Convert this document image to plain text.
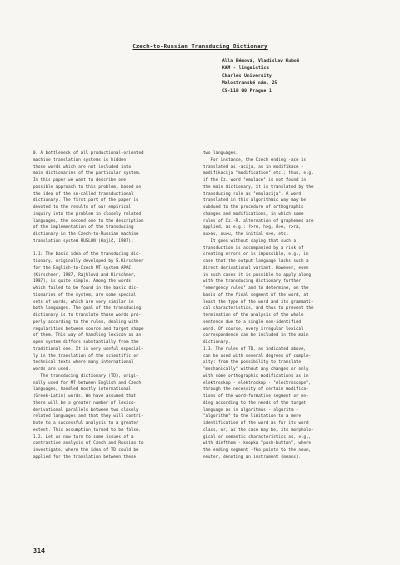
Czech-to-Russian Transducing Dictionary
Alla Bémová, Vladislav Kuboň
KAM - linguistics
Charles University
Malostranské nám. 25
CS-118 00 Prague 1
0. A bottleneck of all productional-oriented
machine translation systems is hidden
those words which are not included into
main dictionaries of the particular system.
In this paper we want to describe one
possible approach to this problem, based on
the idea of the so-called transductional
dictionary. The first part of the paper is
devoted to the results of our empirical
inquiry into the problem in closely related
languages, the second one to the description
of the implementation of the transducing
dictionary in the Czech-to-Russian machine
translation system RUSLAN (Hajič, 1987).
1.1. The basic idea of the transducing dic-
tionary, originally developed by S.Kirschner
for the English-to-Czech MT system APAC
(Kirschner, 1987, Rajhlová and Kirschner,
1987), is quite simple. Among the words
which failed to be found in the basic dic-
tionaries of the system, are some special
sets of words, which are very similar in
both languages. The goal of the transducing
dictionary is to translate those words pro-
perly according to the rules, dealing with
regularities between source and target shape
of them. This way of handling lexicon as an
open system differs substantially from the
traditional one. It is very useful especial-
ly in the translation of the scientific or
technical texts where many international
words are used.
The transducing dictionary (TD), origi-
nally used for MT between English and Czech
languages, handled mostly international
(Greek-Latin) words. We have assumed that
there will be a greater number of lexico-
derivational parallels between two closely
related languages and that they will contri-
bute to a successful analysis to a greater
extent. This assumption turned to be false.
1.2. Let us now turn to some issues of a
contrastive analysis of Czech and Russian to
investigate, where the idea of TD could be
applied for the translation between these
two languages.
For instance, the Czech ending -ace is
translated as -acija, as in modifikace -
modifikacija "modification" etc.; thus, e.g.
if the Cz. word "emulace" is not found in
the main dictionary, it is translated by the
transducing rule as "emulacija". A word
translated in this algorithmic way may be
subdued to the procedure of orthographic
changes and modifications, in which some
rules of Cz.-R. alternation of graphemes are
applied, as e.g.: ř>re, h>g, ě>e, r>ra,
au>av, ou>u, the initial e>e, etc.
It goes without saying that such a
transduction is accompanied by a risk of
creating errors or is impossible, e.g., in
case that the output language lacks such a
direct derivational variant. However, even
in such cases it is possible to apply along
with the transducing dictionary further
"emergency rules" and to determine, on the
basis of the final segment of the word, at
least the type of the word and its grammati-
cal characteristics, and thus to prevent the
termination of the analysis of the whole
sentence due to a single non-identified
word. Of course, every irregular lexical
correspondence can be included in the main
dictionary.
1.3. The rules of TD, as indicated above,
can be used with several degrees of comple-
xity: from the possibility to translate
"mechanically" without any changes or only
with some orthographic modifications as in
elektroskop - elektroskop - "electroscope",
through the necessity of certain modifica-
tions of the word-formative segment or en-
ding according to the needs of the target
language as in algoritmus - algoritm -
"algorithm" to the limitation to a mere
identification of the word as for its word
class, or, as the case may be, its morpholo-
gical or semantic characteristics as, e.g.,
with diefthom - knopka "push-button", where
the ending segment -fko points to the noun,
neuter, denoting an instrument (means).
314
